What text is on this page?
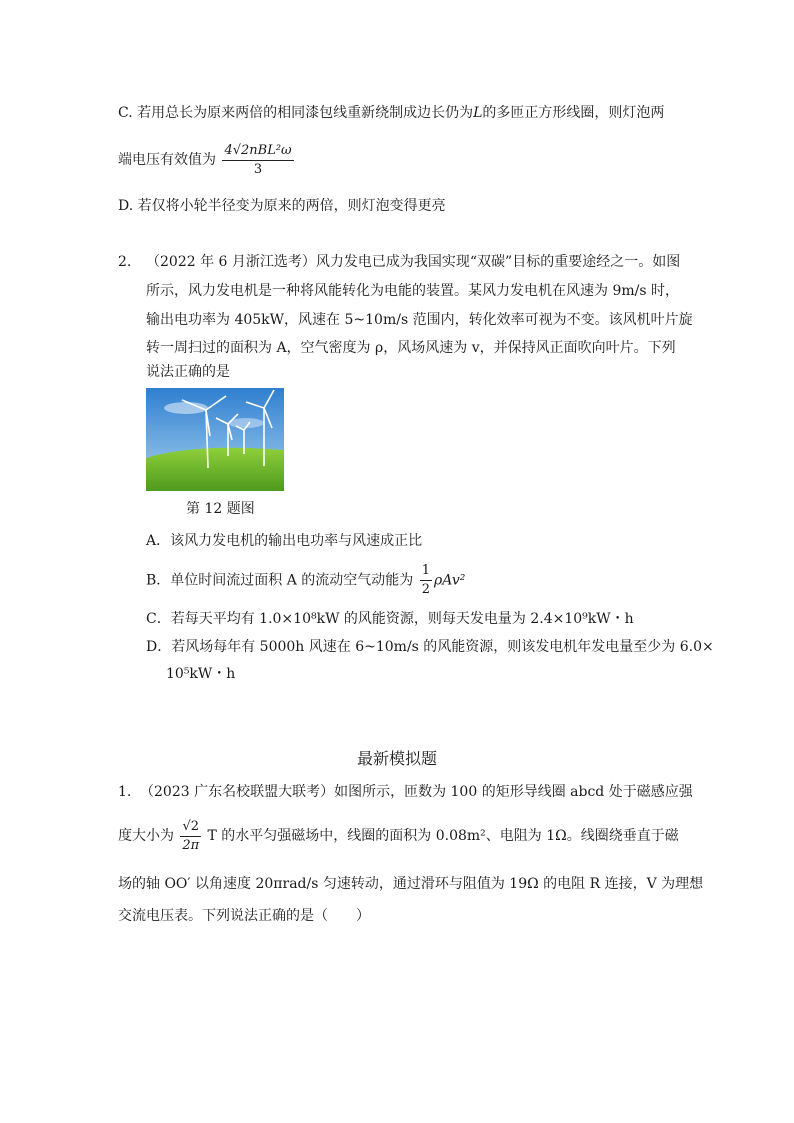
C. 若用总长为原来两倍的相同漆包线重新绕制成边长仍为L的多匝正方形线圈，则灯泡两
端电压有效值为 $\frac{\text{4√2nBL²ω}}{3}$
D. 若仅将小轮半径变为原来的两倍，则灯泡变得更亮
2. （2022 年 6 月浙江选考）风力发电已成为我国实现“双碳”目标的重要途经之一。如图
所示，风力发电机是一种将风能转化为电能的装置。某风力发电机在风速为 9m/s 时，
输出电功率为 405kW，风速在 5~10m/s 范围内，转化效率可视为不变。该风机叶片旋
转一周扫过的面积为 A，空气密度为 ρ，风场风速为 v，并保持风正面吹向叶片。下列
说法正确的是
第 12 题图
A．该风力发电机的输出电功率与风速成正比
B．单位时间流过面积 A 的流动空气动能为 $\frac{1}{2} \rho Av^2$
C．若每天平均有 1.0×10⁸kW 的风能资源，则每天发电量为 2.4×10⁹kW・h
D．若风场每年有 5000h 风速在 6~10m/s 的风能资源，则该发电机年发电量至少为 6.0×
10⁵kW・h
最新模拟题
1. （2023 广东名校联盟大联考）如图所示，匝数为 100 的矩形导线圈 abcd 处于磁感应强
度大小为 $\frac{√2}{2\pi}$ T 的水平匀强磁场中，线圈的面积为 0.08m²、电阻为 1Ω。线圈绕垂直于磁
场的轴 OO′ 以角速度 20πrad/s 匀速转动，通过滑环与阻值为 19Ω 的电阻 R 连接，V 为理想
交流电压表。下列说法正确的是（　　）
